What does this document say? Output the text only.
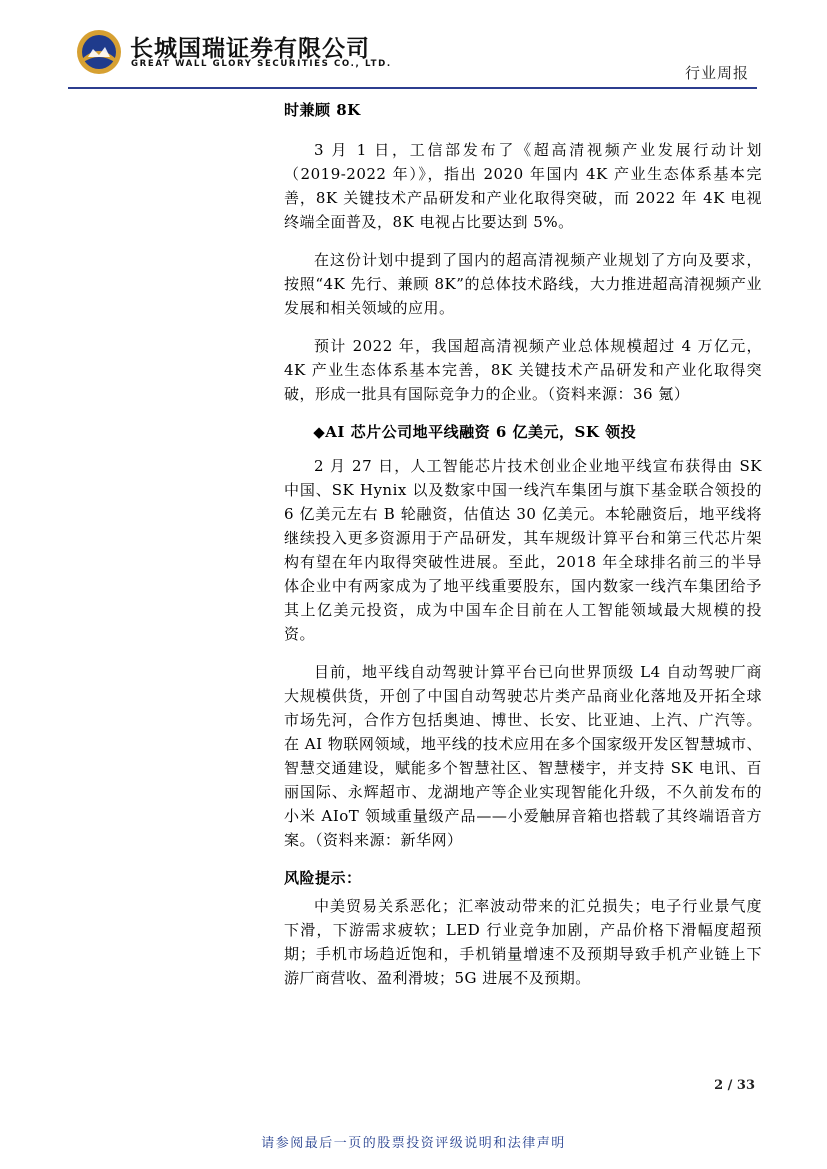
长城国瑞证券有限公司
GREAT WALL GLORY SECURITIES CO., LTD.	行业周报

时兼顾 8K

3 月 1 日，工信部发布了《超高清视频产业发展行动计划（2019-2022 年）》，指出 2020 年国内 4K 产业生态体系基本完善，8K 关键技术产品研发和产业化取得突破，而 2022 年 4K 电视终端全面普及，8K 电视占比要达到 5%。

在这份计划中提到了国内的超高清视频产业规划了方向及要求，按照“4K 先行、兼顾 8K”的总体技术路线，大力推进超高清视频产业发展和相关领域的应用。

预计 2022 年，我国超高清视频产业总体规模超过 4 万亿元，4K 产业生态体系基本完善，8K 关键技术产品研发和产业化取得突破，形成一批具有国际竞争力的企业。（资料来源：36 氪）

◆AI 芯片公司地平线融资 6 亿美元，SK 领投

2 月 27 日，人工智能芯片技术创业企业地平线宣布获得由 SK 中国、SK Hynix 以及数家中国一线汽车集团与旗下基金联合领投的 6 亿美元左右 B 轮融资，估值达 30 亿美元。本轮融资后，地平线将继续投入更多资源用于产品研发，其车规级计算平台和第三代芯片架构有望在年内取得突破性进展。至此，2018 年全球排名前三的半导体企业中有两家成为了地平线重要股东，国内数家一线汽车集团给予其上亿美元投资，成为中国车企目前在人工智能领域最大规模的投资。

目前，地平线自动驾驶计算平台已向世界顶级 L4 自动驾驶厂商大规模供货，开创了中国自动驾驶芯片类产品商业化落地及开拓全球市场先河，合作方包括奥迪、博世、长安、比亚迪、上汽、广汽等。在 AI 物联网领域，地平线的技术应用在多个国家级开发区智慧城市、智慧交通建设，赋能多个智慧社区、智慧楼宇，并支持 SK 电讯、百丽国际、永辉超市、龙湖地产等企业实现智能化升级，不久前发布的小米 AIoT 领域重量级产品——小爱触屏音箱也搭载了其终端语音方案。（资料来源：新华网）

风险提示：

中美贸易关系恶化；汇率波动带来的汇兑损失；电子行业景气度下滑，下游需求疲软；LED 行业竞争加剧，产品价格下滑幅度超预期；手机市场趋近饱和，手机销量增速不及预期导致手机产业链上下游厂商营收、盈利滑坡；5G 进展不及预期。

2 / 33
请参阅最后一页的股票投资评级说明和法律声明
